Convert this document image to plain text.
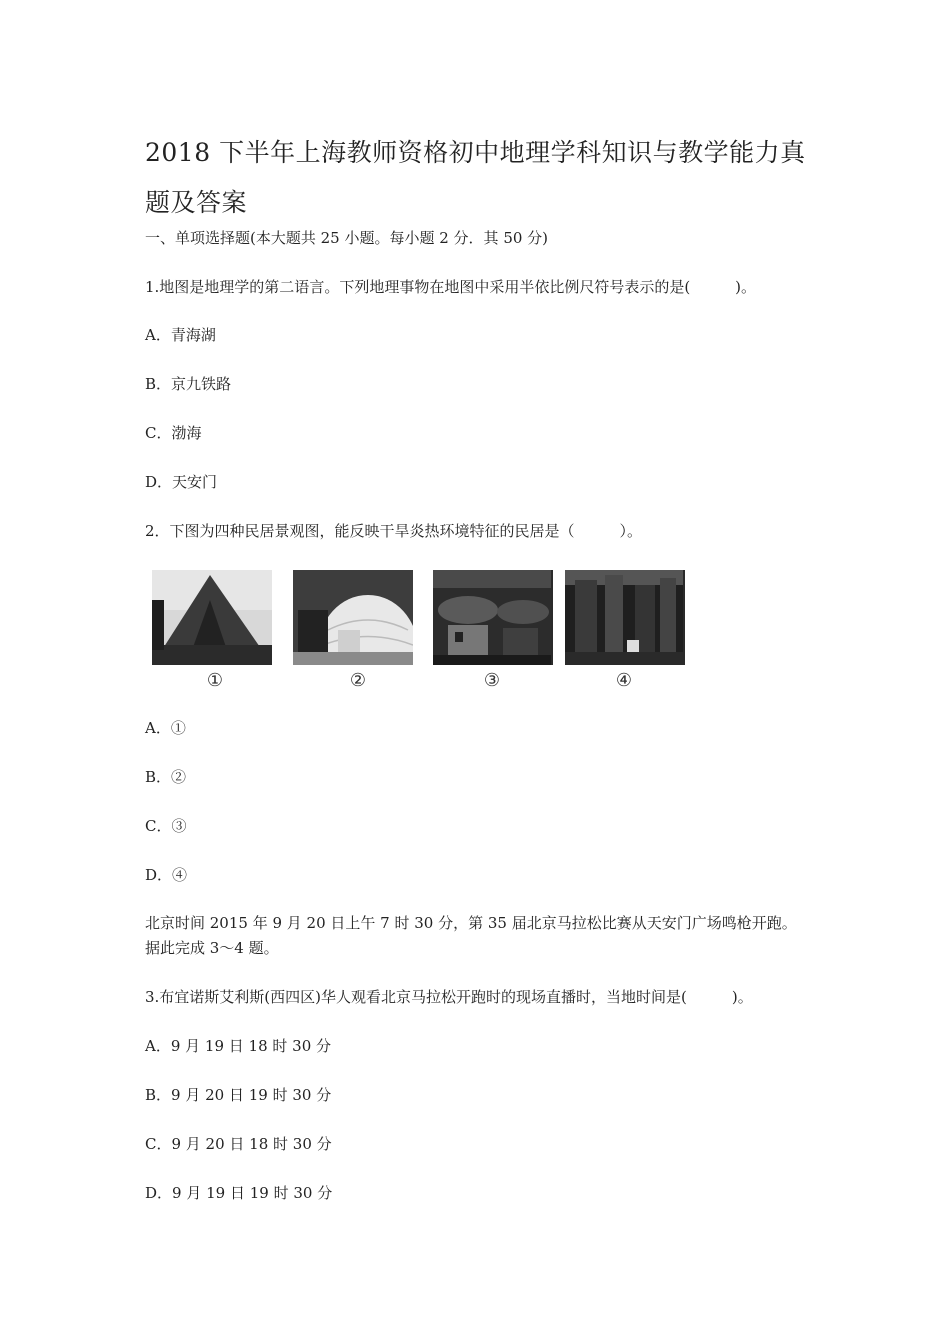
2018 下半年上海教师资格初中地理学科知识与教学能力真
题及答案
一、单项选择题(本大题共 25 小题。每小题 2 分．其 50 分)
1.地图是地理学的第二语言。下列地理事物在地图中采用半依比例尺符号表示的是(　　　)。
A．青海湖
B．京九铁路
C．渤海
D．天安门
2．下图为四种民居景观图，能反映干旱炎热环境特征的民居是（　　　）。
①	②	③	④
A．①
B．②
C．③
D．④
北京时间 2015 年 9 月 20 日上午 7 时 30 分，第 35 届北京马拉松比赛从天安门广场鸣枪开跑。
据此完成 3～4 题。
3.布宜诺斯艾利斯(西四区)华人观看北京马拉松开跑时的现场直播时，当地时间是(　　　)。
A．9 月 19 日 18 时 30 分
B．9 月 20 日 19 时 30 分
C．9 月 20 日 18 时 30 分
D．9 月 19 日 19 时 30 分
